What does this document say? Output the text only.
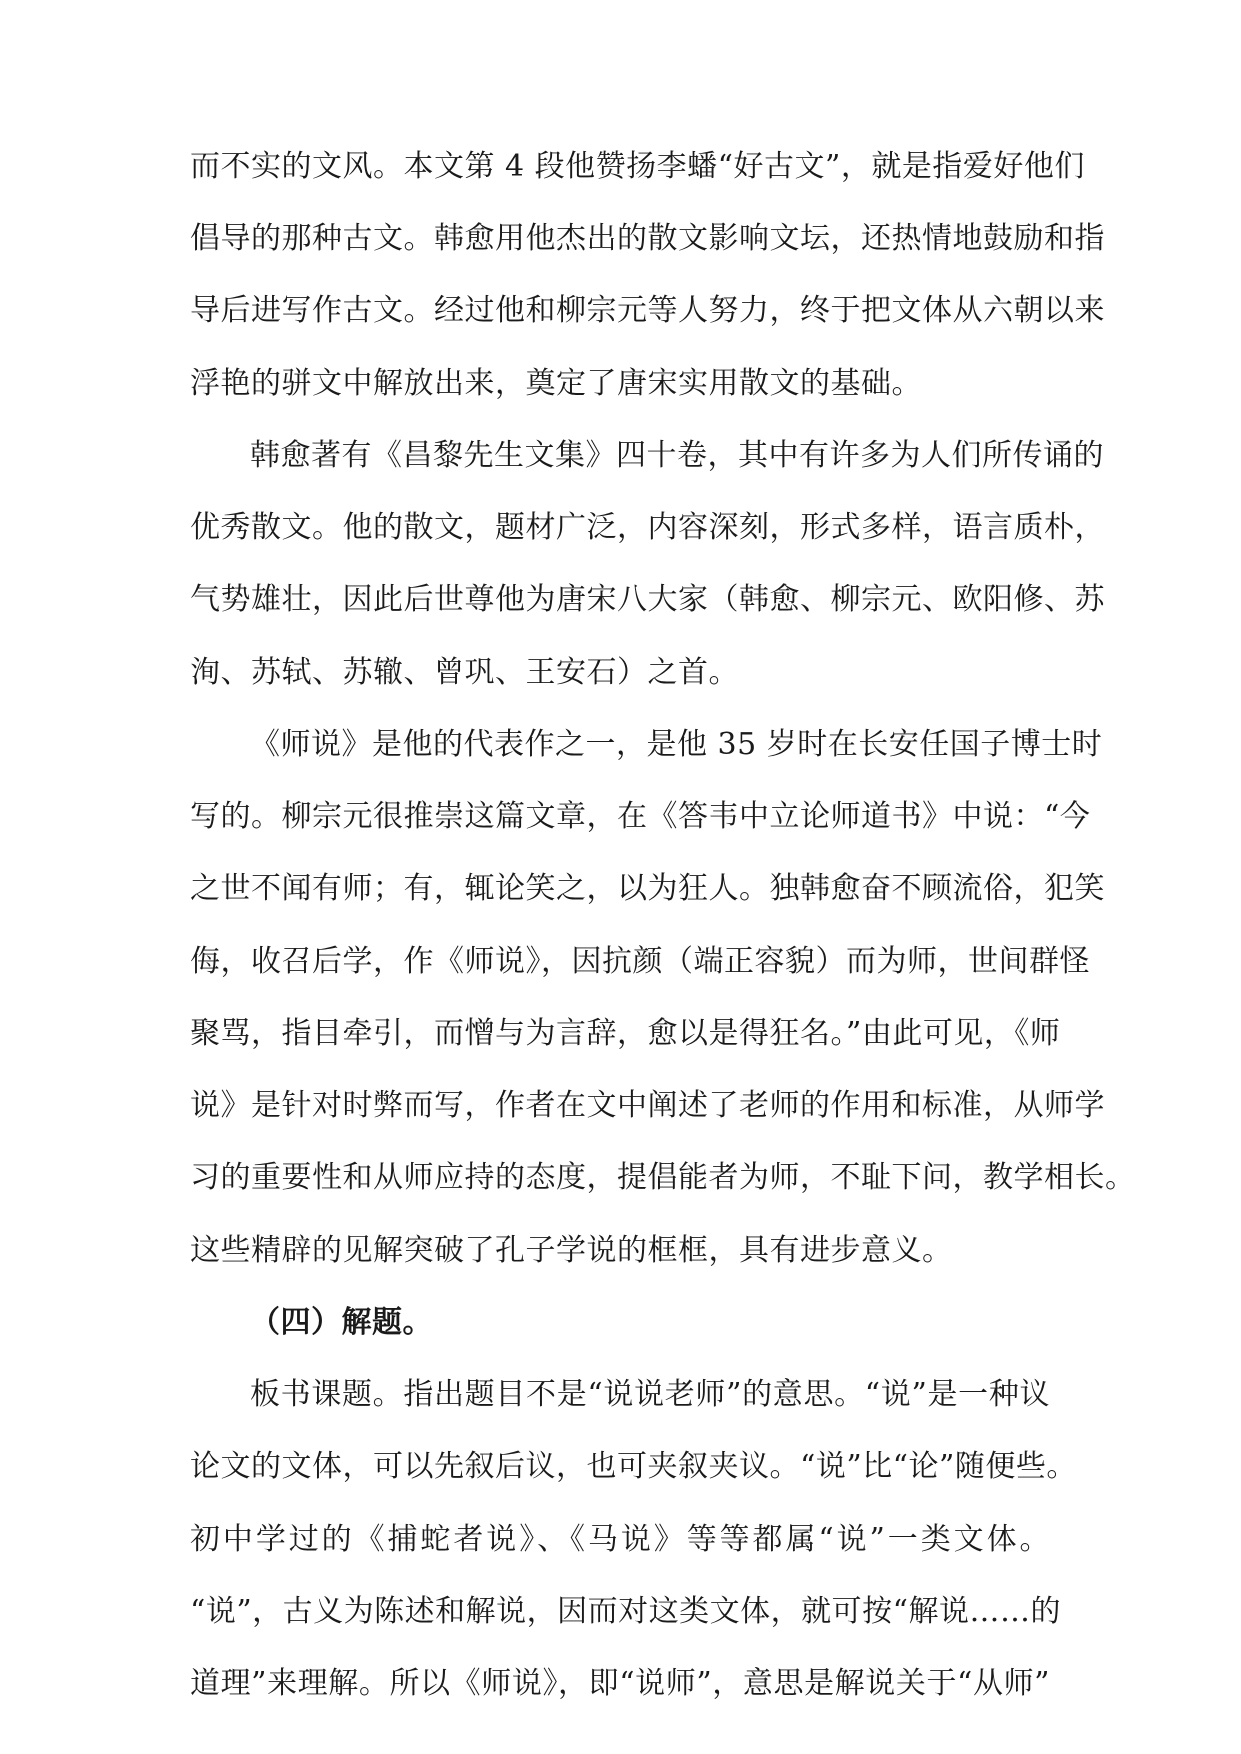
而不实的文风。本文第 4 段他赞扬李蟠“好古文”，就是指爱好他们
倡导的那种古文。韩愈用他杰出的散文影响文坛，还热情地鼓励和指
导后进写作古文。经过他和柳宗元等人努力，终于把文体从六朝以来
浮艳的骈文中解放出来，奠定了唐宋实用散文的基础。
韩愈著有《昌黎先生文集》四十卷，其中有许多为人们所传诵的
优秀散文。他的散文，题材广泛，内容深刻，形式多样，语言质朴，
气势雄壮，因此后世尊他为唐宋八大家（韩愈、柳宗元、欧阳修、苏
洵、苏轼、苏辙、曾巩、王安石）之首。
《师说》是他的代表作之一，是他 35 岁时在长安任国子博士时
写的。柳宗元很推崇这篇文章，在《答韦中立论师道书》中说：“今
之世不闻有师；有，辄论笑之，以为狂人。独韩愈奋不顾流俗，犯笑
侮，收召后学，作《师说》，因抗颜（端正容貌）而为师，世间群怪
聚骂，指目牵引，而憎与为言辞，愈以是得狂名。”由此可见，《师
说》是针对时弊而写，作者在文中阐述了老师的作用和标准，从师学
习的重要性和从师应持的态度，提倡能者为师，不耻下问，教学相长。
这些精辟的见解突破了孔子学说的框框，具有进步意义。
（四）解题。
板书课题。指出题目不是“说说老师”的意思。“说”是一种议
论文的文体，可以先叙后议，也可夹叙夹议。“说”比“论”随便些。
初中学过的《捕蛇者说》、《马说》等等都属“说”一类文体。
“说”，古义为陈述和解说，因而对这类文体，就可按“解说……的
道理”来理解。所以《师说》，即“说师”，意思是解说关于“从师”
